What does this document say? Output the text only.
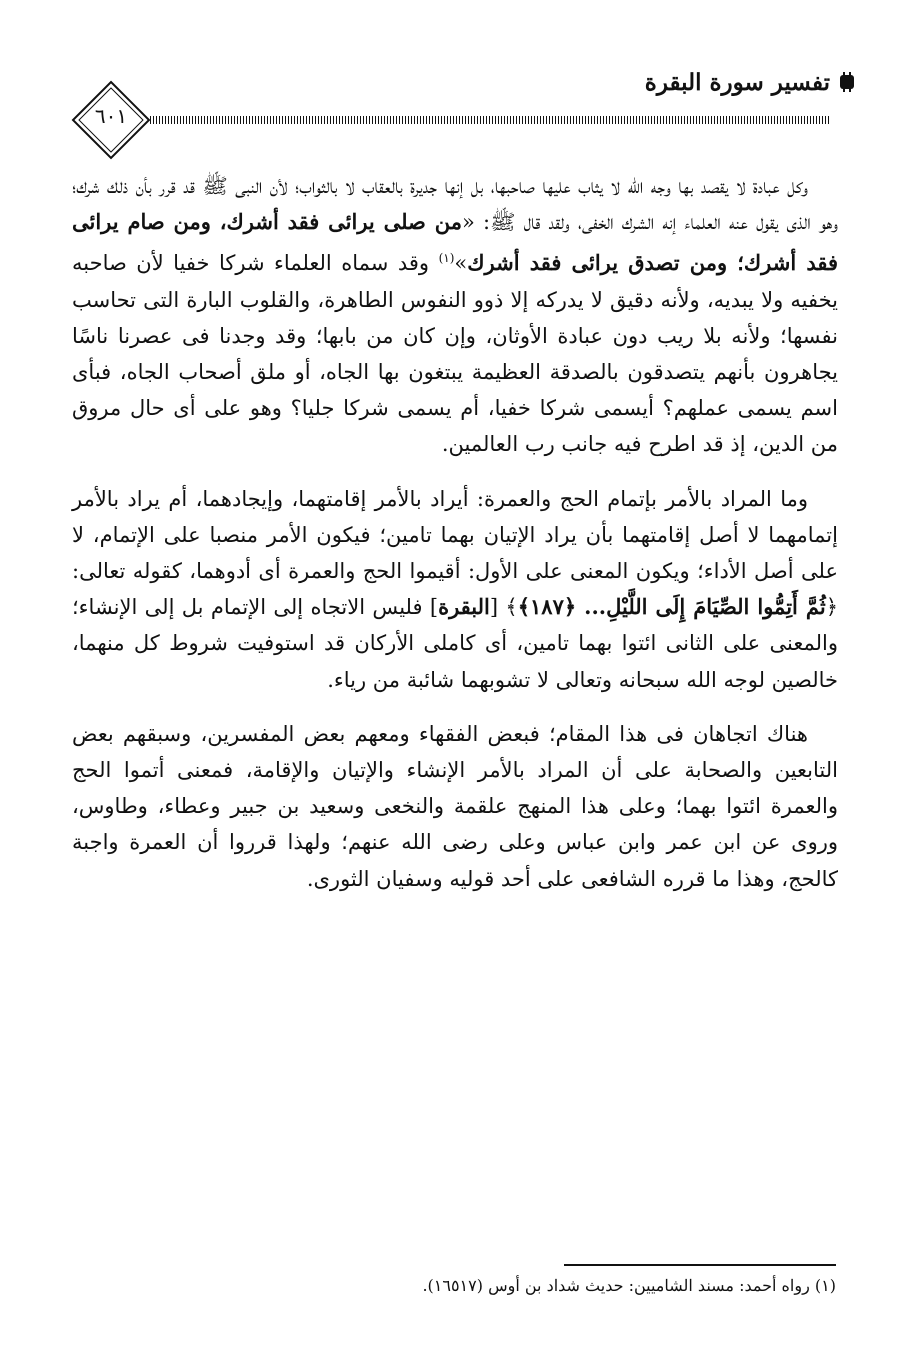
تفسير سورة البقرة
٦٠١

وكل عبادة لا يقصد بها وجه الله لا يثاب عليها صاحبها، بل إنها جديرة بالعقاب لا بالثواب؛ لأن النبى ﷺ قد قرر بأن ذلك شرك؛ وهو الذى يقول عنه العلماء إنه الشرك الخفى، ولقد قال ﷺ: «من صلى يرائى فقد أشرك، ومن صام يرائى فقد أشرك؛ ومن تصدق يرائى فقد أشرك»$^{(١)}$ وقد سماه العلماء شركا خفيا لأن صاحبه يخفيه ولا يبديه، ولأنه دقيق لا يدركه إلا ذوو النفوس الطاهرة، والقلوب البارة التى تحاسب نفسها؛ ولأنه بلا ريب دون عبادة الأوثان، وإن كان من بابها؛ وقد وجدنا فى عصرنا ناسًا يجاهرون بأنهم يتصدقون بالصدقة العظيمة يبتغون بها الجاه، أو ملق أصحاب الجاه، فبأى اسم يسمى عملهم؟ أيسمى شركا خفيا، أم يسمى شركا جليا؟ وهو على أى حال مروق من الدين، إذ قد اطرح فيه جانب رب العالمين.

وما المراد بالأمر بإتمام الحج والعمرة: أيراد بالأمر إقامتهما، وإيجادهما، أم يراد بالأمر إتمامهما لا أصل إقامتهما بأن يراد الإتيان بهما تامين؛ فيكون الأمر منصبا على الإتمام، لا على أصل الأداء؛ ويكون المعنى على الأول: أقيموا الحج والعمرة أى أدوهما، كقوله تعالى: ﴿ثُمَّ أَتِمُّوا الصِّيَامَ إِلَى اللَّيْلِ... ﴿١٨٧﴾﴾ [البقرة] فليس الاتجاه إلى الإتمام بل إلى الإنشاء؛ والمعنى على الثانى ائتوا بهما تامين، أى كاملى الأركان قد استوفيت شروط كل منهما، خالصين لوجه الله سبحانه وتعالى لا تشوبهما شائبة من رياء.

هناك اتجاهان فى هذا المقام؛ فبعض الفقهاء ومعهم بعض المفسرين، وسبقهم بعض التابعين والصحابة على أن المراد بالأمر الإنشاء والإتيان والإقامة، فمعنى أتموا الحج والعمرة ائتوا بهما؛ وعلى هذا المنهج علقمة والنخعى وسعيد بن جبير وعطاء، وطاوس، وروى عن ابن عمر وابن عباس وعلى رضى الله عنهم؛ ولهذا قرروا أن العمرة واجبة كالحج، وهذا ما قرره الشافعى على أحد قوليه وسفيان الثورى.

(١) رواه أحمد: مسند الشاميين: حديث شداد بن أوس (١٦٥١٧).
